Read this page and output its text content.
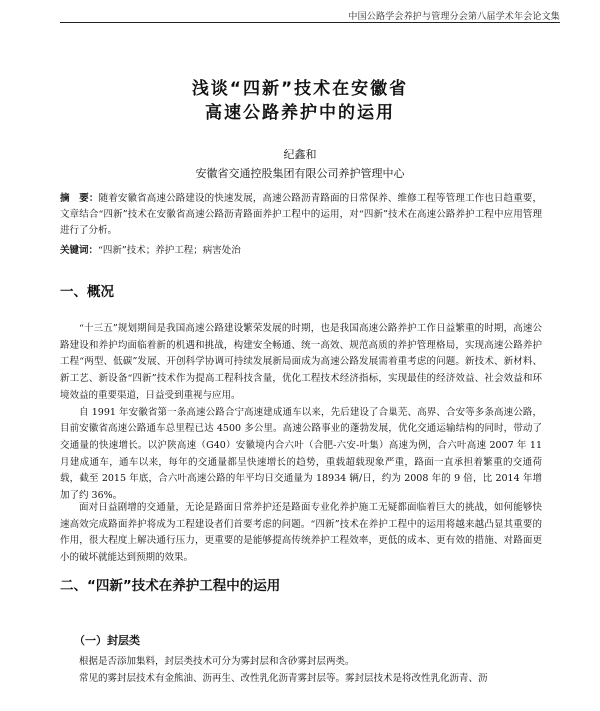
中国公路学会养护与管理分会第八届学术年会论文集
浅谈“四新”技术在安徽省
高速公路养护中的运用
纪鑫和
安徽省交通控股集团有限公司养护管理中心
摘　要：随着安徽省高速公路建设的快速发展，高速公路沥青路面的日常保养、维修工程等管理工作也日趋重要，文章结合“四新”技术在安徽省高速公路沥青路面养护工程中的运用，对“四新”技术在高速公路养护工程中应用管理进行了分析。
关键词：“四新”技术；养护工程；病害处治
一、概况

“十三五”规划期间是我国高速公路建设繁荣发展的时期，也是我国高速公路养护工作日益繁重的时期，高速公路建设和养护均面临着新的机遇和挑战，构建安全畅通、统一高效、规范高质的养护管理格局，实现高速公路养护工程“两型、低碳”发展、开创科学协调可持续发展新局面成为高速公路发展需着重考虑的问题。新技术、新材料、新工艺、新设备“四新”技术作为提高工程科技含量，优化工程技术经济指标，实现最佳的经济效益、社会效益和环境效益的重要渠道，日益受到重视与应用。

自 1991 年安徽省第一条高速公路合宁高速建成通车以来，先后建设了合巢芜、高界、合安等多条高速公路，目前安徽省高速公路通车总里程已达 4500 多公里。高速公路事业的蓬勃发展，优化交通运输结构的同时，带动了交通量的快速增长。以沪陕高速（G40）安徽境内合六叶（合肥-六安-叶集）高速为例，合六叶高速 2007 年 11 月建成通车，通车以来，每年的交通量都呈快速增长的趋势，重载超载现象严重，路面一直承担着繁重的交通荷载，截至 2015 年底，合六叶高速公路的年平均日交通量为 18934 辆/日，约为 2008 年的 9 倍，比 2014 年增加了约 36%。

面对日益剧增的交通量，无论是路面日常养护还是路面专业化养护施工无疑都面临着巨大的挑战，如何能够快速高效完成路面养护将成为工程建设者们首要考虑的问题。“四新”技术在养护工程中的运用将越来越凸显其重要的作用，很大程度上解决通行压力，更重要的是能够提高传统养护工程效率，更低的成本、更有效的措施、对路面更小的破坏就能达到预期的效果。

二、“四新”技术在养护工程中的运用
（一）封层类

根据是否添加集料，封层类技术可分为雾封层和含砂雾封层两类。

常见的雾封层技术有金熊油、沥再生、改性乳化沥青雾封层等。雾封层技术是将改性乳化沥青、沥
